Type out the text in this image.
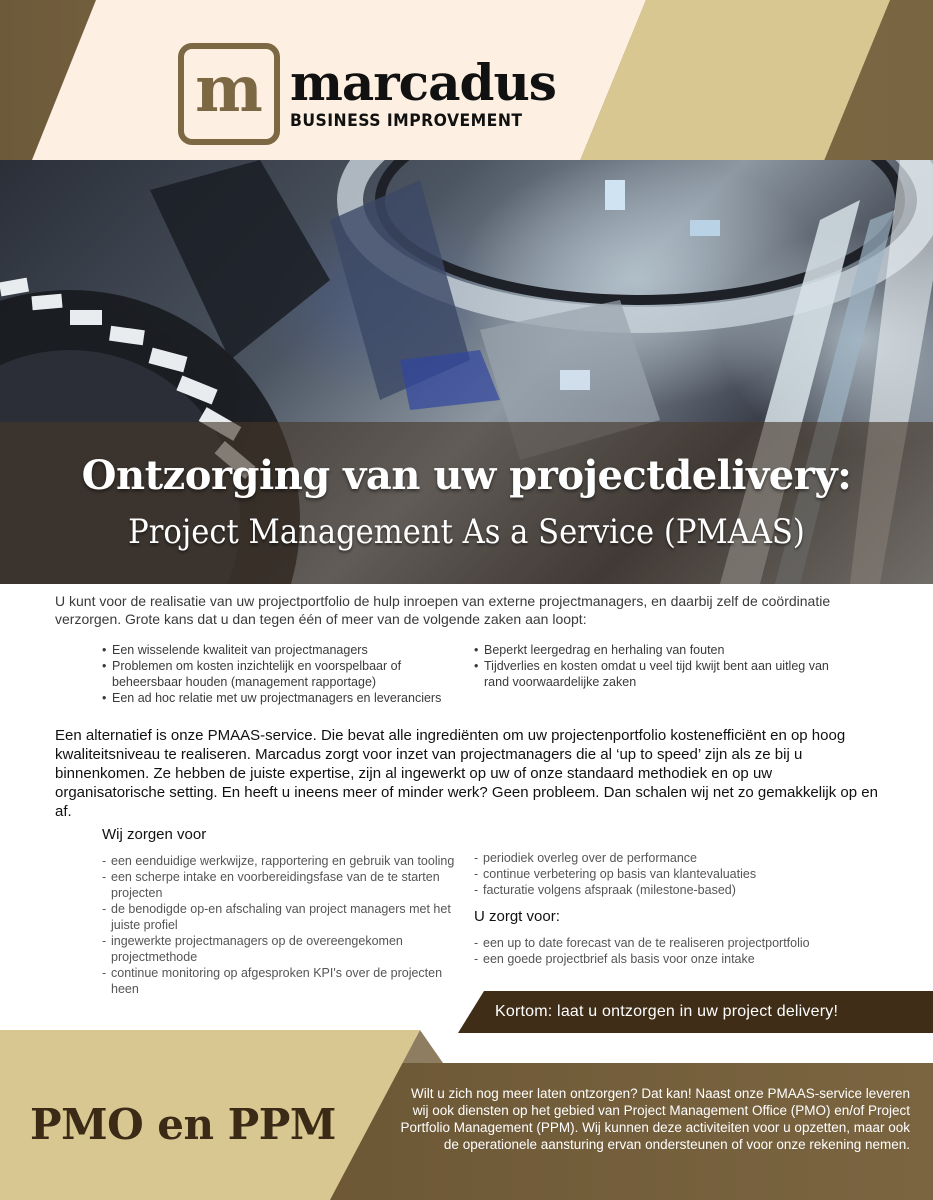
m marcadus
BUSINESS IMPROVEMENT
Ontzorging van uw projectdelivery:
Project Management As a Service (PMAAS)
U kunt voor de realisatie van uw projectportfolio de hulp inroepen van externe projectmanagers, en daarbij zelf de coördinatie verzorgen. Grote kans dat u dan tegen één of meer van de volgende zaken aan loopt:
• Een wisselende kwaliteit van projectmanagers
• Problemen om kosten inzichtelijk en voorspelbaar of beheersbaar houden (management rapportage)
• Een ad hoc relatie met uw projectmanagers en leveranciers
• Beperkt leergedrag en herhaling van fouten
• Tijdverlies en kosten omdat u veel tijd kwijt bent aan uitleg van rand voorwaardelijke zaken
Een alternatief is onze PMAAS-service. Die bevat alle ingrediënten om uw projectenportfolio kostenefficiënt en op hoog kwaliteitsniveau te realiseren. Marcadus zorgt voor inzet van projectmanagers die al ‘up to speed’ zijn als ze bij u binnenkomen. Ze hebben de juiste expertise, zijn al ingewerkt op uw of onze standaard methodiek en op uw organisatorische setting. En heeft u ineens meer of minder werk? Geen probleem. Dan schalen wij net zo gemakkelijk op en af.
Wij zorgen voor
- een eenduidige werkwijze, rapportering en gebruik van tooling
- een scherpe intake en voorbereidingsfase van de te starten projecten
- de benodigde op-en afschaling van project managers met het juiste profiel
- ingewerkte projectmanagers op de overeengekomen projectmethode
- continue monitoring op afgesproken KPI's over de projecten heen
- periodiek overleg over de performance
- continue verbetering op basis van klantevaluaties
- facturatie volgens afspraak (milestone-based)
U zorgt voor:
- een up to date forecast van de te realiseren projectportfolio
- een goede projectbrief als basis voor onze intake
Kortom: laat u ontzorgen in uw project delivery!
PMO en PPM
Wilt u zich nog meer laten ontzorgen? Dat kan! Naast onze PMAAS-service leveren wij ook diensten op het gebied van Project Management Office (PMO) en/of Project Portfolio Management (PPM). Wij kunnen deze activiteiten voor u opzetten, maar ook de operationele aansturing ervan ondersteunen of voor onze rekening nemen.
